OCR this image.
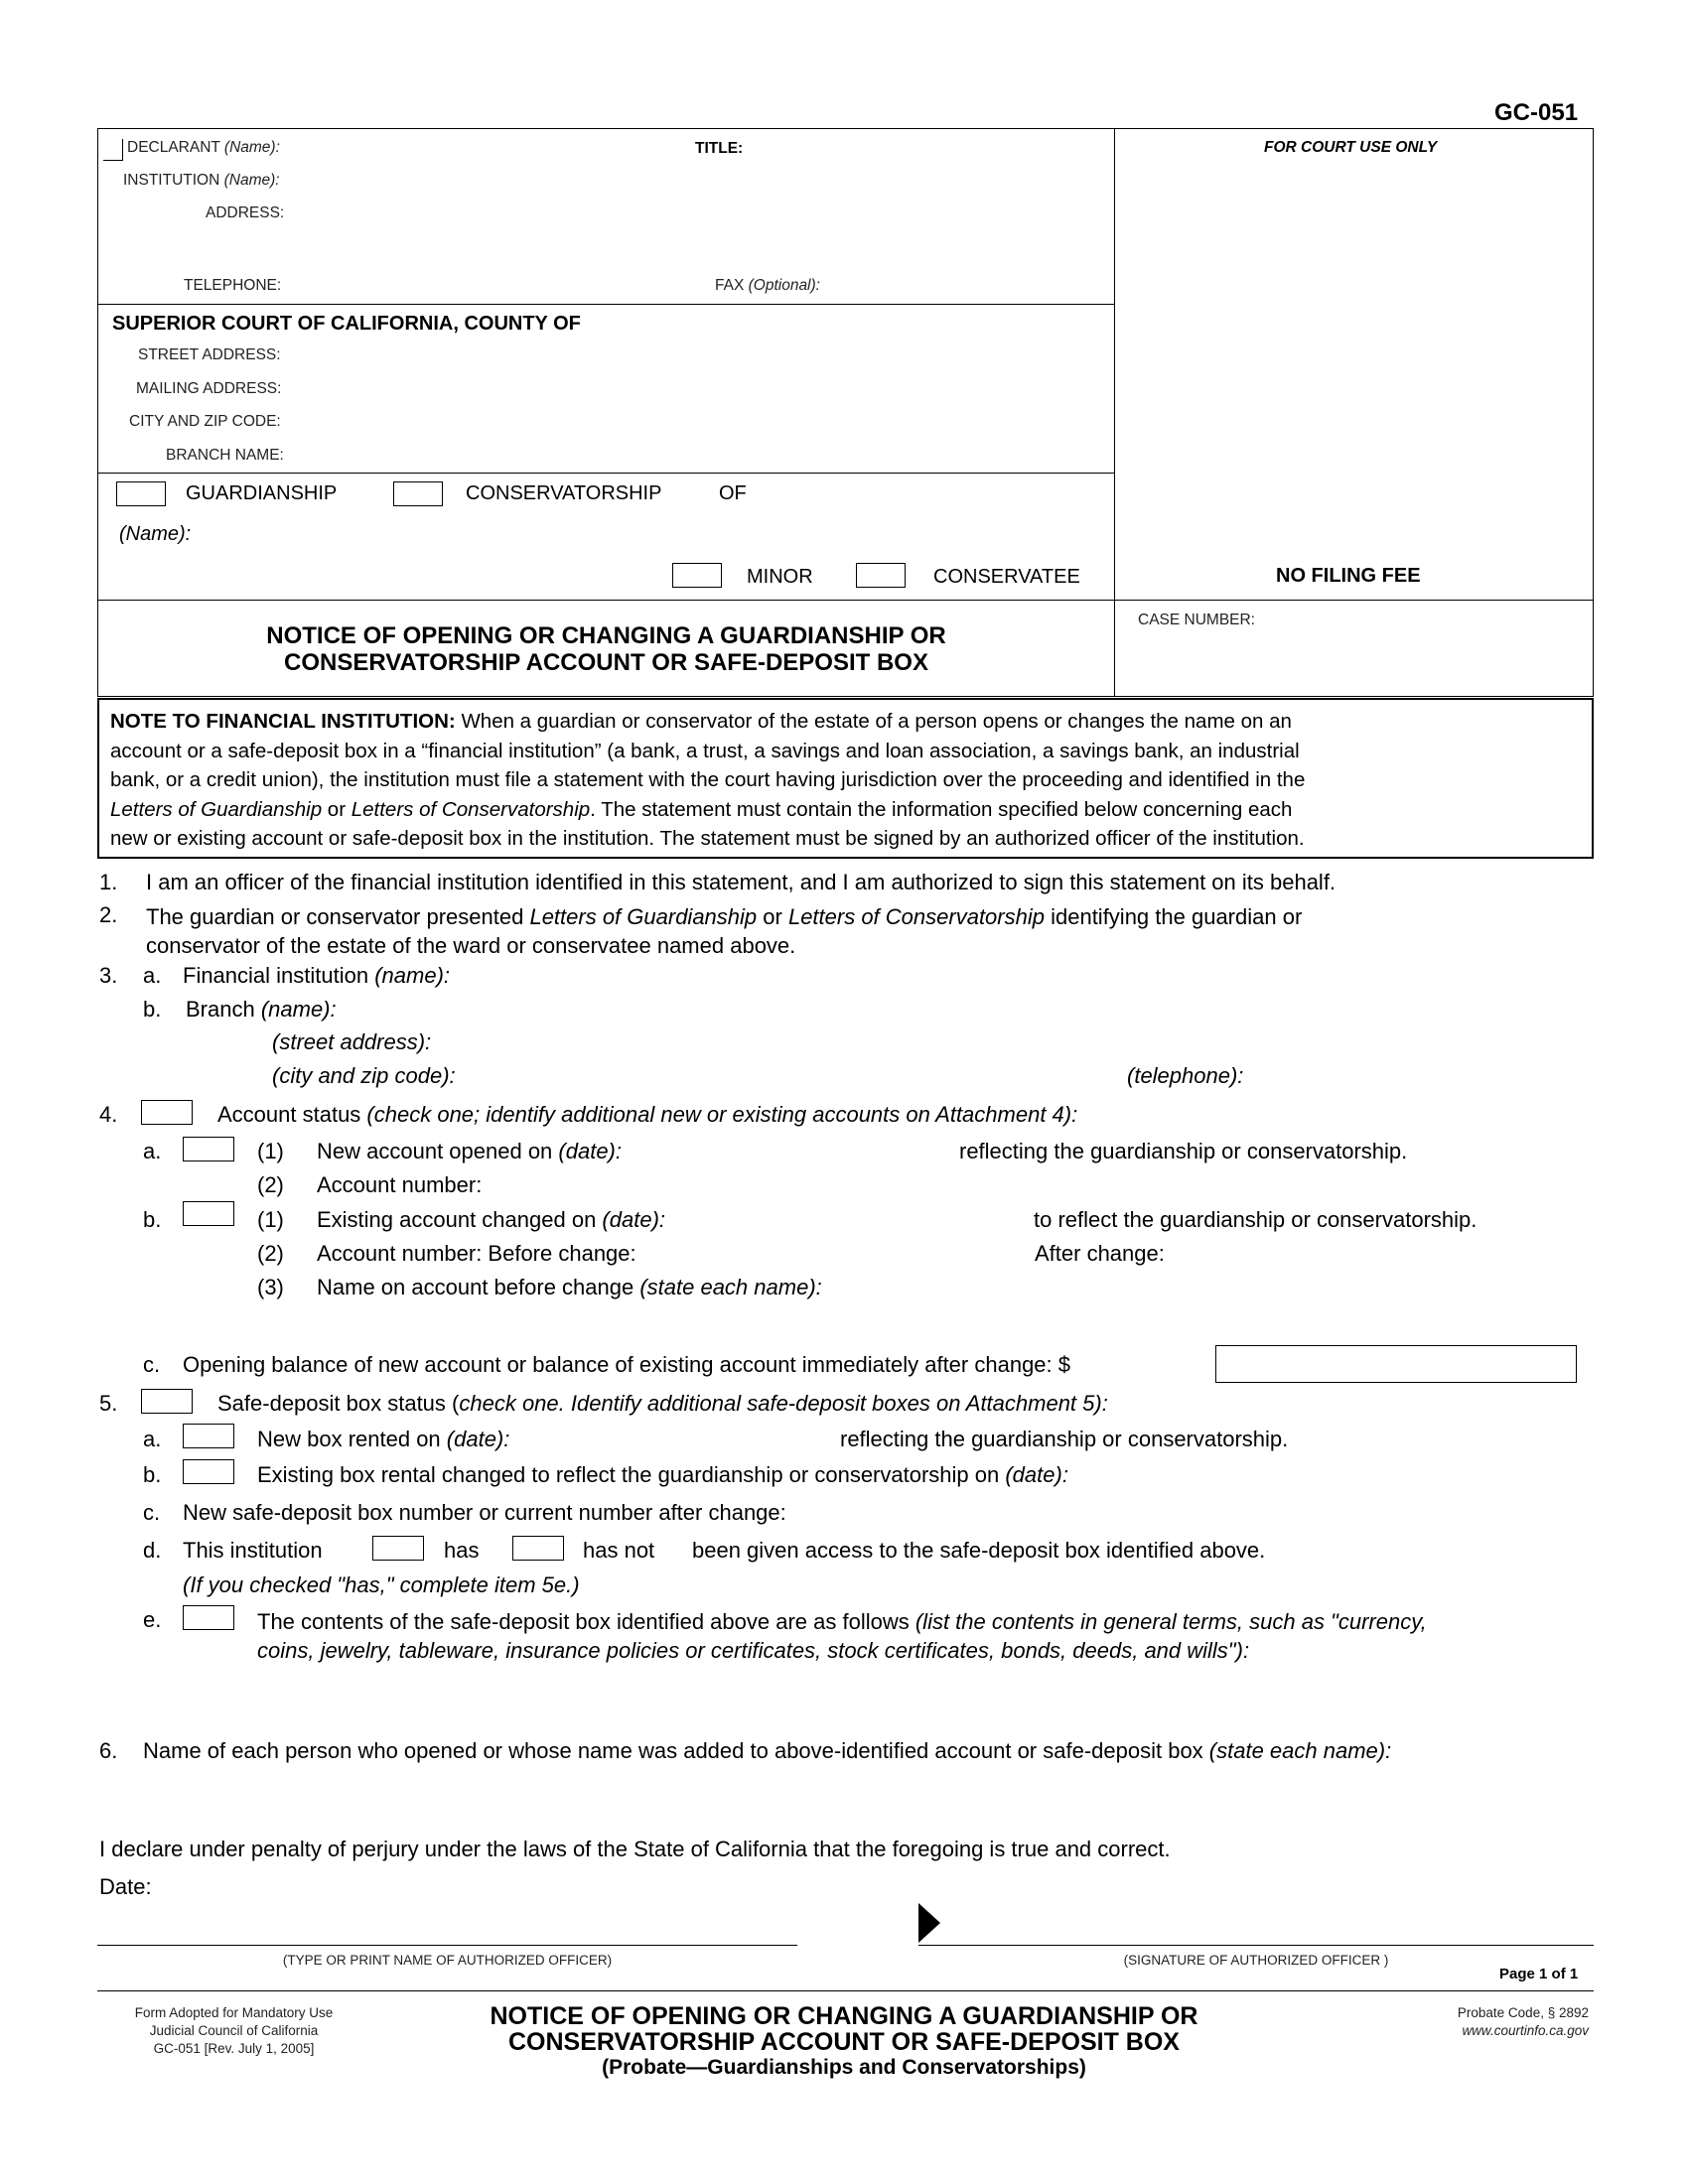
GC-051
DECLARANT (Name):	TITLE:	FOR COURT USE ONLY
INSTITUTION (Name):
ADDRESS:
TELEPHONE:	FAX (Optional):
SUPERIOR COURT OF CALIFORNIA, COUNTY OF
STREET ADDRESS:
MAILING ADDRESS:
CITY AND ZIP CODE:
BRANCH NAME:
GUARDIANSHIP	CONSERVATORSHIP	OF
(Name):
MINOR	CONSERVATEE	NO FILING FEE
NOTICE OF OPENING OR CHANGING A GUARDIANSHIP OR
CONSERVATORSHIP ACCOUNT OR SAFE-DEPOSIT BOX
CASE NUMBER:
NOTE TO FINANCIAL INSTITUTION: When a guardian or conservator of the estate of a person opens or changes the name on an
account or a safe-deposit box in a “financial institution” (a bank, a trust, a savings and loan association, a savings bank, an industrial
bank, or a credit union), the institution must file a statement with the court having jurisdiction over the proceeding and identified in the
Letters of Guardianship or Letters of Conservatorship. The statement must contain the information specified below concerning each
new or existing account or safe-deposit box in the institution. The statement must be signed by an authorized officer of the institution.
1. I am an officer of the financial institution identified in this statement, and I am authorized to sign this statement on its behalf.
2. The guardian or conservator presented Letters of Guardianship or Letters of Conservatorship identifying the guardian or
conservator of the estate of the ward or conservatee named above.
3. a. Financial institution (name):
b. Branch (name):
(street address):
(city and zip code):	(telephone):
4.	Account status (check one; identify additional new or existing accounts on Attachment 4):
a.	(1) New account opened on (date):	reflecting the guardianship or conservatorship.
(2) Account number:
b.	(1) Existing account changed on (date):	to reflect the guardianship or conservatorship.
(2) Account number: Before change:	After change:
(3) Name on account before change (state each name):
c. Opening balance of new account or balance of existing account immediately after change: $
5.	Safe-deposit box status (check one. Identify additional safe-deposit boxes on Attachment 5):
a.	New box rented on (date):	reflecting the guardianship or conservatorship.
b.	Existing box rental changed to reflect the guardianship or conservatorship on (date):
c. New safe-deposit box number or current number after change:
d. This institution	has	has not been given access to the safe-deposit box identified above.
(If you checked "has," complete item 5e.)
e.	The contents of the safe-deposit box identified above are as follows (list the contents in general terms, such as "currency,
coins, jewelry, tableware, insurance policies or certificates, stock certificates, bonds, deeds, and wills"):
6. Name of each person who opened or whose name was added to above-identified account or safe-deposit box (state each name):
I declare under penalty of perjury under the laws of the State of California that the foregoing is true and correct.
Date:
(TYPE OR PRINT NAME OF AUTHORIZED OFFICER)	(SIGNATURE OF AUTHORIZED OFFICER )
Page 1 of 1
Form Adopted for Mandatory Use
Judicial Council of California
GC-051 [Rev. July 1, 2005]
NOTICE OF OPENING OR CHANGING A GUARDIANSHIP OR
CONSERVATORSHIP ACCOUNT OR SAFE-DEPOSIT BOX
(Probate—Guardianships and Conservatorships)
Probate Code, § 2892
www.courtinfo.ca.gov
